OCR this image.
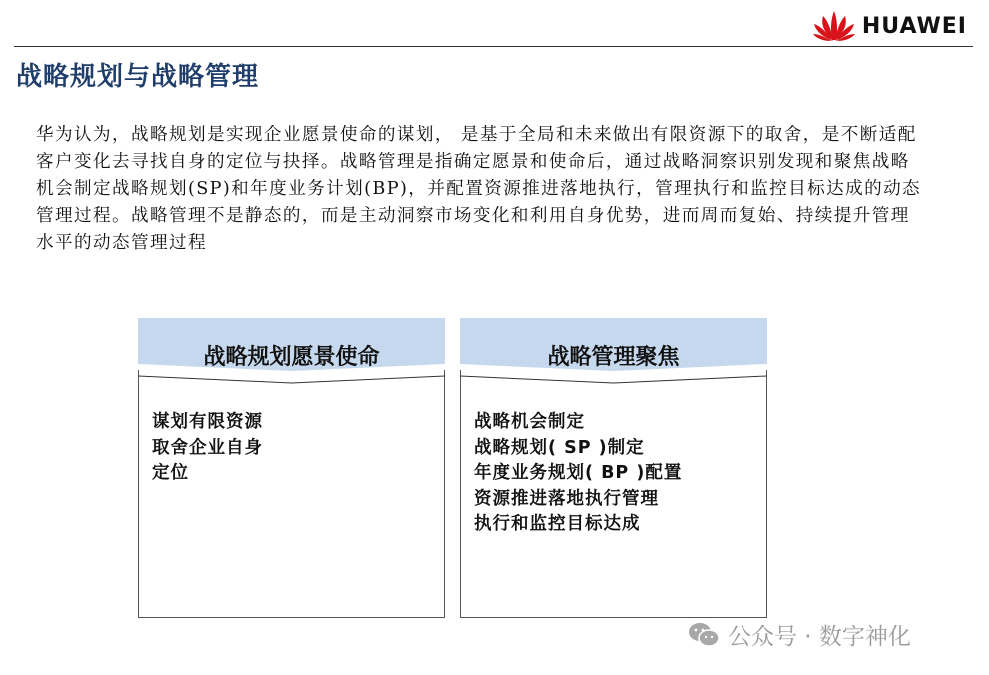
HUAWEI
战略规划与战略管理
华为认为，战略规划是实现企业愿景使命的谋划， 是基于全局和未来做出有限资源下的取舍，是不断适配客户变化去寻找自身的定位与抉择。战略管理是指确定愿景和使命后，通过战略洞察识别发现和聚焦战略机会制定战略规划(SP)和年度业务计划(BP)，并配置资源推进落地执行，管理执行和监控目标达成的动态管理过程。战略管理不是静态的，而是主动洞察市场变化和利用自身优势，进而周而复始、持续提升管理水平的动态管理过程
战略规划愿景使命
谋划有限资源
取舍企业自身
定位
战略管理聚焦
战略机会制定
战略规划( SP )制定
年度业务规划( BP )配置
资源推进落地执行管理
执行和监控目标达成
公众号 · 数字神化
